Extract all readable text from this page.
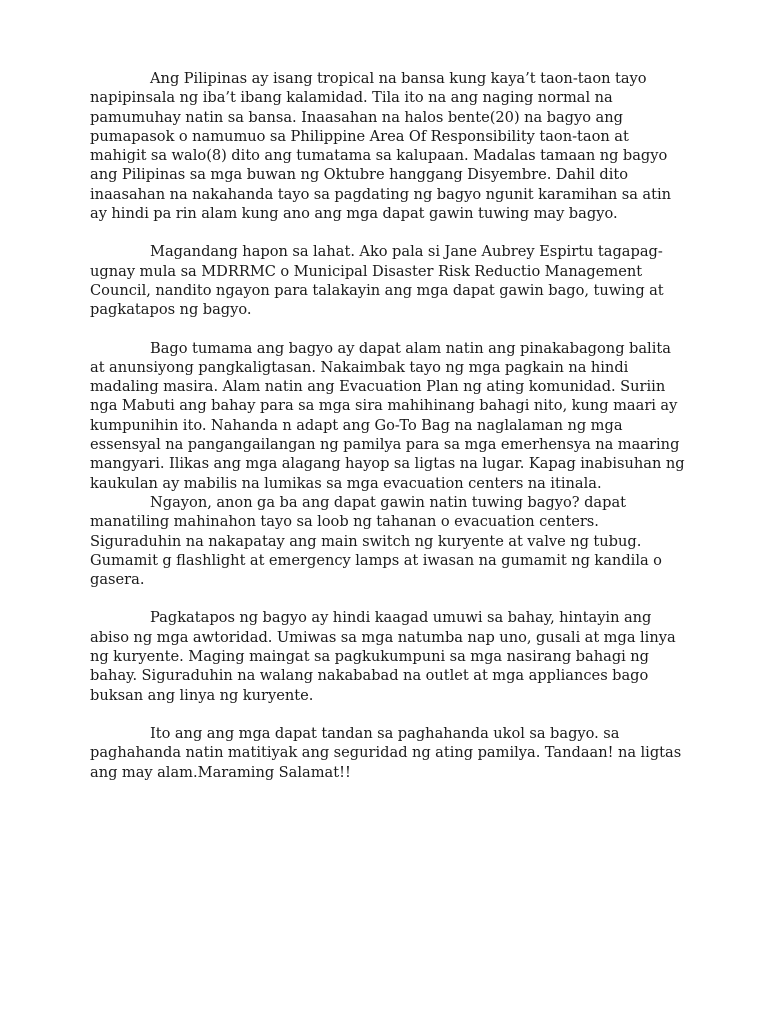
Ang Pilipinas ay isang tropical na bansa kung kaya’t taon-taon tayo napipinsala ng iba’t ibang kalamidad. Tila ito na ang naging normal na pamumuhay natin sa bansa. Inaasahan na halos bente(20) na bagyo ang pumapasok o namumuo sa Philippine Area Of Responsibility taon-taon at mahigit sa walo(8) dito ang tumatama sa kalupaan. Madalas tamaan ng bagyo ang Pilipinas sa mga buwan ng Oktubre hanggang Disyembre. Dahil dito inaasahan na nakahanda tayo sa pagdating ng bagyo ngunit karamihan sa atin ay hindi pa rin alam kung ano ang mga dapat gawin tuwing may bagyo.

Magandang hapon sa lahat. Ako pala si Jane Aubrey Espirtu tagapag-ugnay mula sa MDRRMC o Municipal Disaster Risk Reductio Management Council, nandito ngayon para talakayin ang mga dapat gawin bago, tuwing at pagkatapos ng bagyo.

Bago tumama ang bagyo ay dapat alam natin ang pinakabagong balita at anunsiyong pangkaligtasan. Nakaimbak tayo ng mga pagkain na hindi madaling masira. Alam natin ang Evacuation Plan ng ating komunidad. Suriin nga Mabuti ang bahay para sa mga sira mahihinang bahagi nito, kung maari ay kumpunihin ito. Nahanda n adapt ang Go-To Bag na naglalaman ng mga essensyal na pangangailangan ng pamilya para sa mga emerhensya na maaring mangyari. Ilikas ang mga alagang hayop sa ligtas na lugar. Kapag inabisuhan ng kaukulan ay mabilis na lumikas sa mga evacuation centers na itinala.

Ngayon, anon ga ba ang dapat gawin natin tuwing bagyo? dapat manatiling mahinahon tayo sa loob ng tahanan o evacuation centers. Siguraduhin na nakapatay ang main switch ng kuryente at valve ng tubug. Gumamit g flashlight at emergency lamps at iwasan na gumamit ng kandila o gasera.

Pagkatapos ng bagyo ay hindi kaagad umuwi sa bahay, hintayin ang abiso ng mga awtoridad. Umiwas sa mga natumba nap uno, gusali at mga linya ng kuryente. Maging maingat sa pagkukumpuni sa mga nasirang bahagi ng bahay. Siguraduhin na walang nakababad na outlet at mga appliances bago buksan ang linya ng kuryente.

Ito ang ang mga dapat tandan sa paghahanda ukol sa bagyo. sa paghahanda natin matitiyak ang seguridad ng ating pamilya. Tandaan! na ligtas ang may alam.Maraming Salamat!!
